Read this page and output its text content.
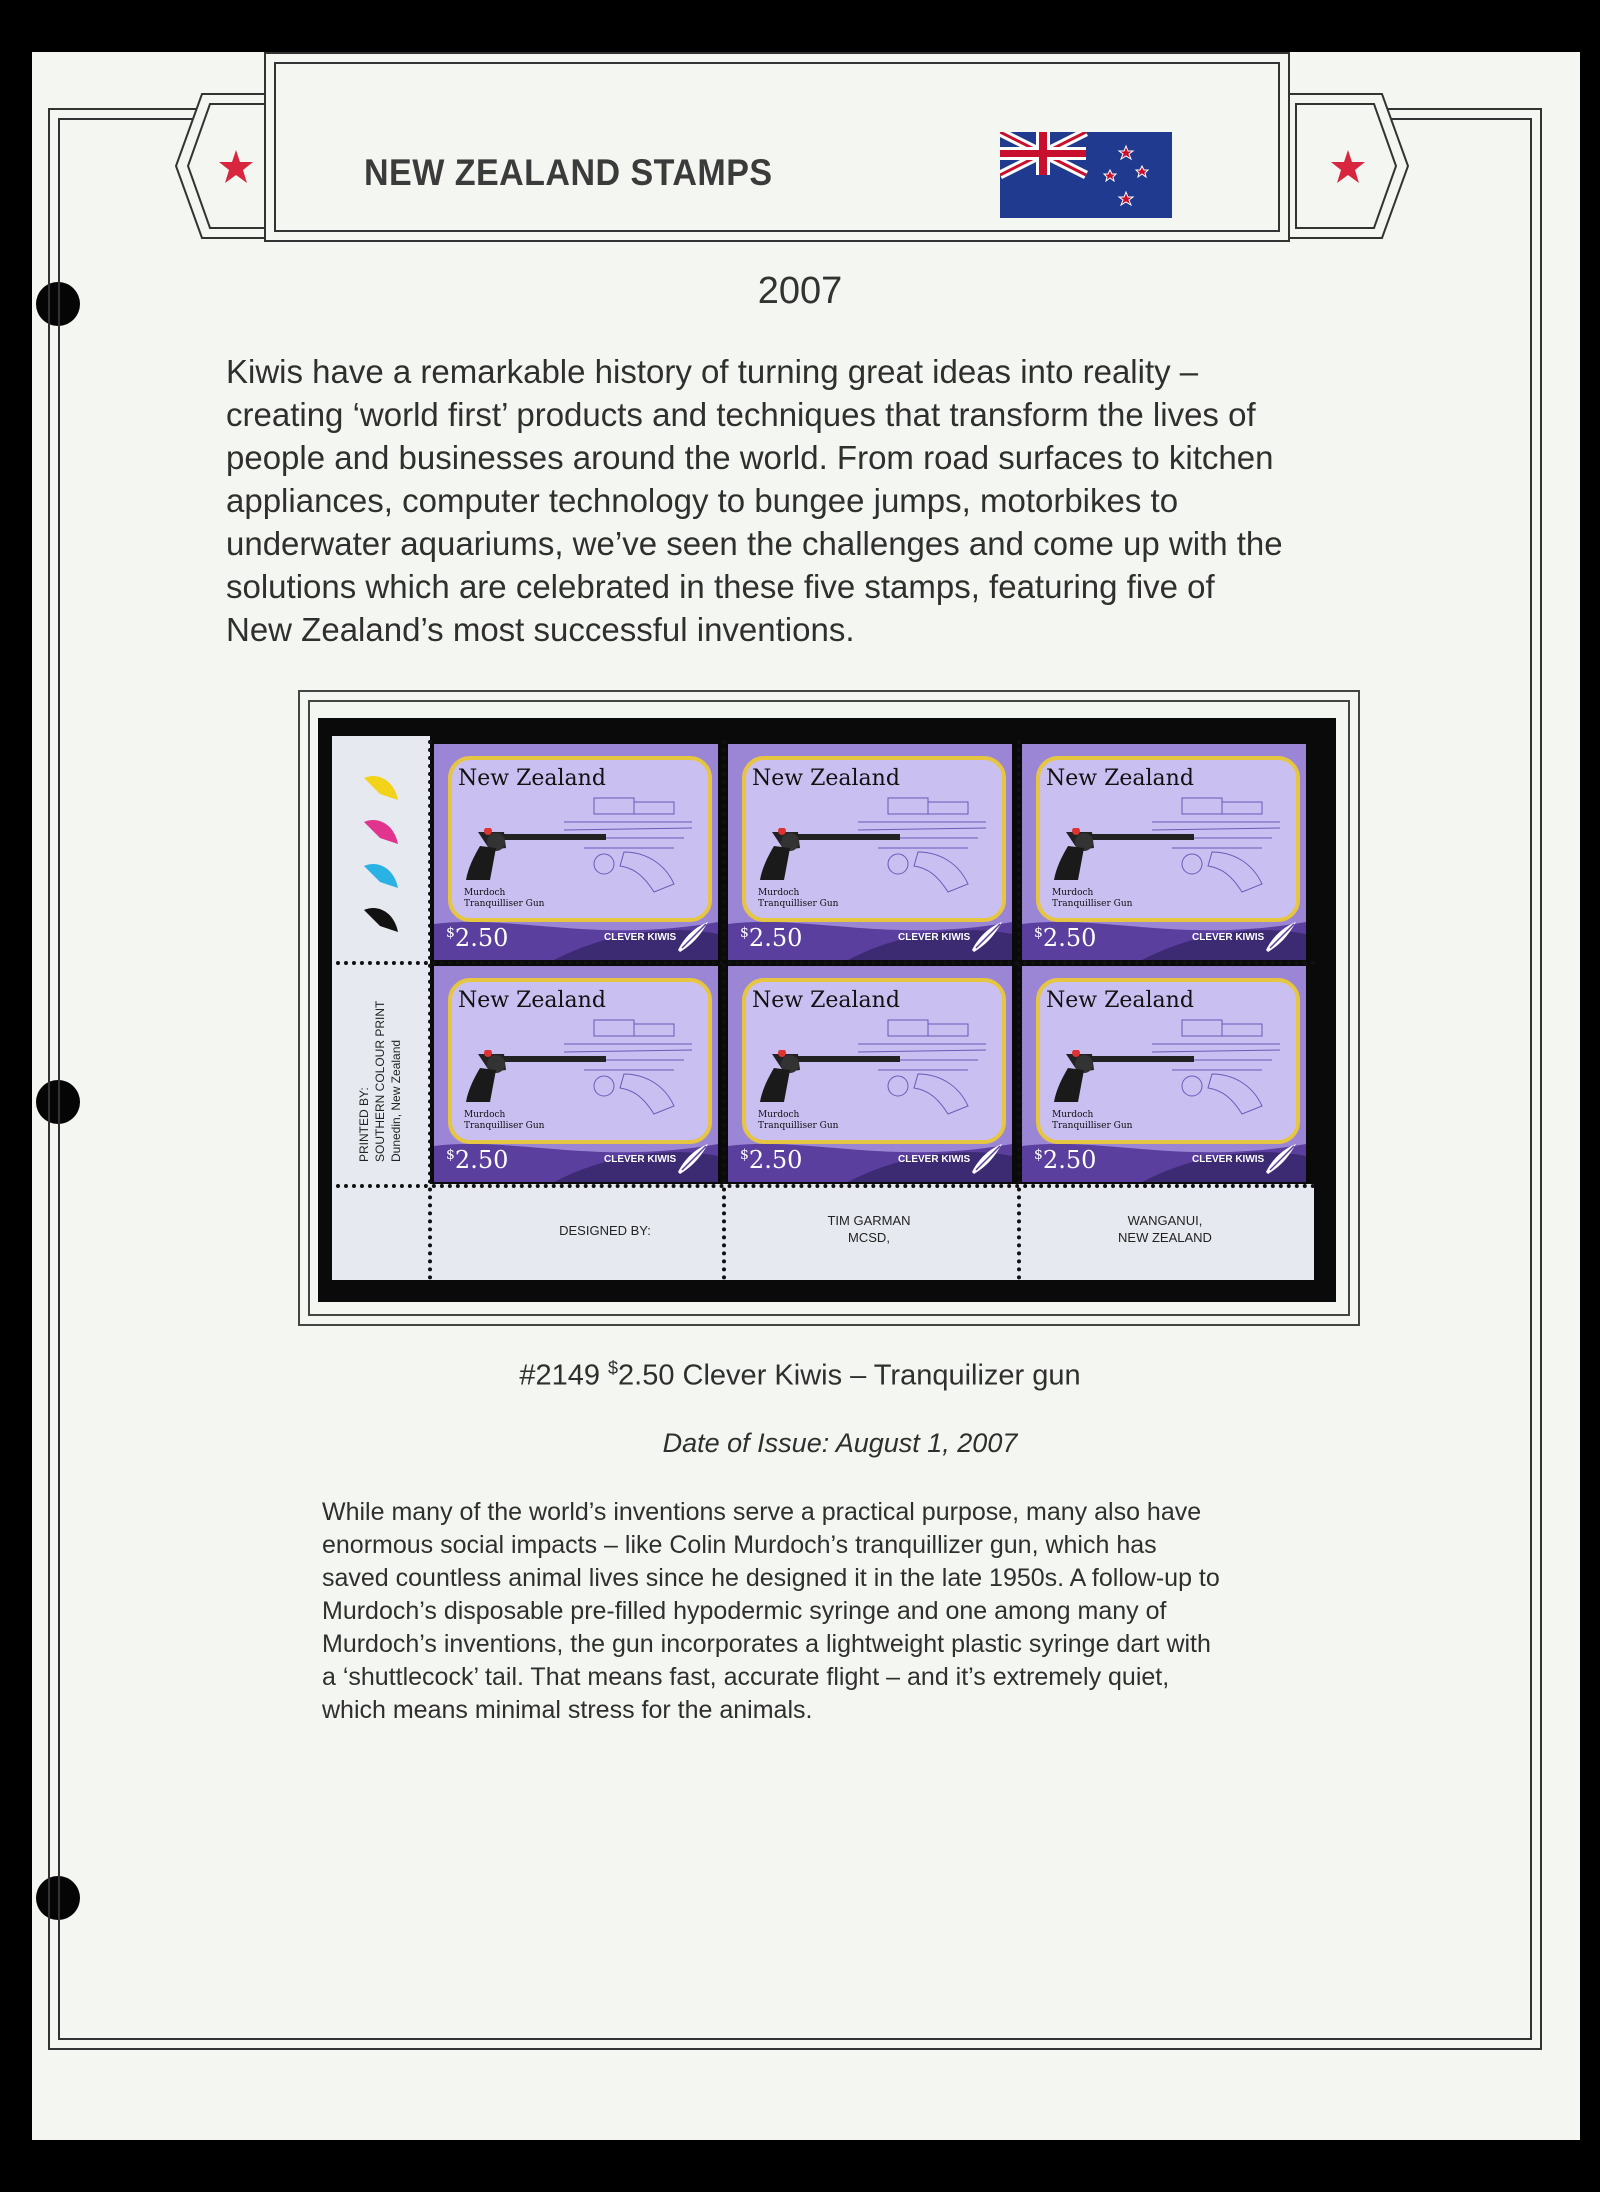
NEW ZEALAND STAMPS
2007
Kiwis have a remarkable history of turning great ideas into reality –
creating ‘world first’ products and techniques that transform the lives of
people and businesses around the world. From road surfaces to kitchen
appliances, computer technology to bungee jumps, motorbikes to
underwater aquariums, we’ve seen the challenges and come up with the
solutions which are celebrated in these five stamps, featuring five of
New Zealand’s most successful inventions.
PRINTED BY: SOUTHERN COLOUR PRINT Dunedin, New Zealand
DESIGNED BY:
TIM GARMAN
MCSD,
WANGANUI,
NEW ZEALAND
New Zealand
Murdoch
Tranquilliser Gun
$2.50	CLEVER KIWIS
New Zealand
Murdoch
Tranquilliser Gun
$2.50	CLEVER KIWIS
New Zealand
Murdoch
Tranquilliser Gun
$2.50	CLEVER KIWIS
New Zealand
Murdoch
Tranquilliser Gun
$2.50	CLEVER KIWIS
New Zealand
Murdoch
Tranquilliser Gun
$2.50	CLEVER KIWIS
New Zealand
Murdoch
Tranquilliser Gun
$2.50	CLEVER KIWIS
#2149 $2.50 Clever Kiwis – Tranquilizer gun
Date of Issue: August 1, 2007
While many of the world’s inventions serve a practical purpose, many also have
enormous social impacts – like Colin Murdoch’s tranquillizer gun, which has
saved countless animal lives since he designed it in the late 1950s. A follow-up to
Murdoch’s disposable pre-filled hypodermic syringe and one among many of
Murdoch’s inventions, the gun incorporates a lightweight plastic syringe dart with
a ‘shuttlecock’ tail. That means fast, accurate flight – and it’s extremely quiet,
which means minimal stress for the animals.
